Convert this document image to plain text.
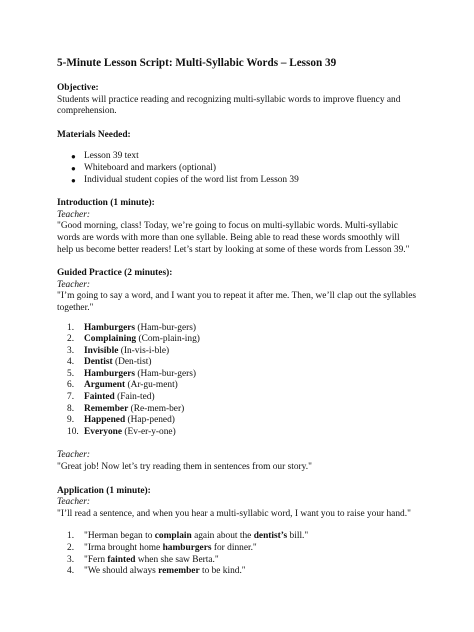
5-Minute Lesson Script: Multi-Syllabic Words – Lesson 39

Objective:

Students will practice reading and recognizing multi-syllabic words to improve fluency and comprehension.

Materials Needed:

● Lesson 39 text
● Whiteboard and markers (optional)
● Individual student copies of the word list from Lesson 39

Introduction (1 minute):

Teacher:

"Good morning, class! Today, we’re going to focus on multi-syllabic words. Multi-syllabic words are words with more than one syllable. Being able to read these words smoothly will help us become better readers! Let’s start by looking at some of these words from Lesson 39."

Guided Practice (2 minutes):

Teacher:

"I’m going to say a word, and I want you to repeat it after me. Then, we’ll clap out the syllables together."

1.	Hamburgers (Ham-bur-gers)
2.	Complaining (Com-plain-ing)
3.	Invisible (In-vis-i-ble)
4.	Dentist (Den-tist)
5.	Hamburgers (Ham-bur-gers)
6.	Argument (Ar-gu-ment)
7.	Fainted (Fain-ted)
8.	Remember (Re-mem-ber)
9.	Happened (Hap-pened)
10. Everyone (Ev-er-y-one)

Teacher:

"Great job! Now let’s try reading them in sentences from our story."

Application (1 minute):

Teacher:

"I’ll read a sentence, and when you hear a multi-syllabic word, I want you to raise your hand."

1.	"Herman began to complain again about the dentist’s bill."
2.	"Irma brought home hamburgers for dinner."
3.	"Fern fainted when she saw Berta."
4.	"We should always remember to be kind."
